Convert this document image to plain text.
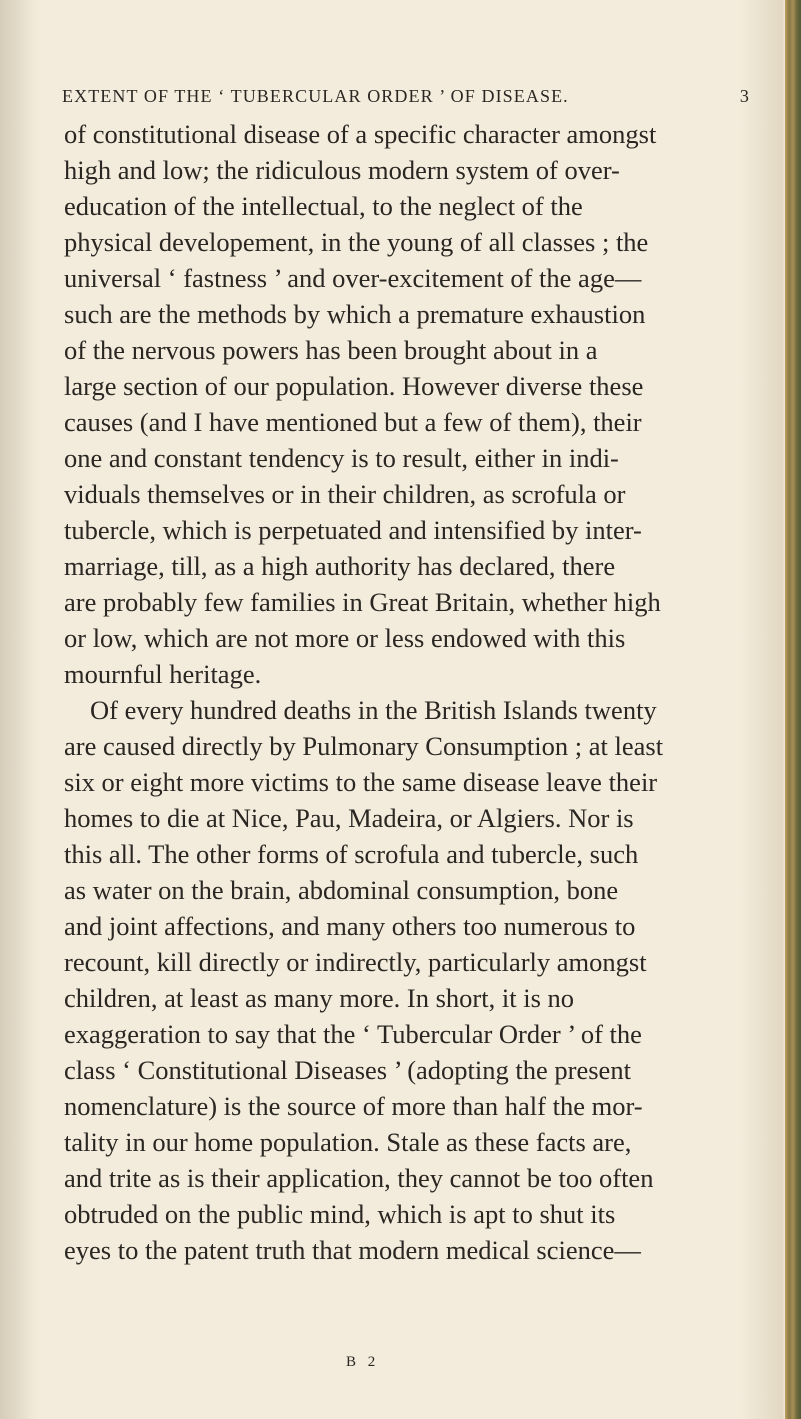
EXTENT OF THE ‘ TUBERCULAR ORDER ’ OF DISEASE.	3
of constitutional disease of a specific character amongst
high and low; the ridiculous modern system of over-
education of the intellectual, to the neglect of the
physical developement, in the young of all classes ; the
universal ‘ fastness ’ and over-excitement of the age—
such are the methods by which a premature exhaustion
of the nervous powers has been brought about in a
large section of our population. However diverse these
causes (and I have mentioned but a few of them), their
one and constant tendency is to result, either in indi-
viduals themselves or in their children, as scrofula or
tubercle, which is perpetuated and intensified by inter-
marriage, till, as a high authority has declared, there
are probably few families in Great Britain, whether high
or low, which are not more or less endowed with this
mournful heritage.
Of every hundred deaths in the British Islands twenty
are caused directly by Pulmonary Consumption ; at least
six or eight more victims to the same disease leave their
homes to die at Nice, Pau, Madeira, or Algiers. Nor is
this all. The other forms of scrofula and tubercle, such
as water on the brain, abdominal consumption, bone
and joint affections, and many others too numerous to
recount, kill directly or indirectly, particularly amongst
children, at least as many more. In short, it is no
exaggeration to say that the ‘ Tubercular Order ’ of the
class ‘ Constitutional Diseases ’ (adopting the present
nomenclature) is the source of more than half the mor-
tality in our home population. Stale as these facts are,
and trite as is their application, they cannot be too often
obtruded on the public mind, which is apt to shut its
eyes to the patent truth that modern medical science—
B 2
